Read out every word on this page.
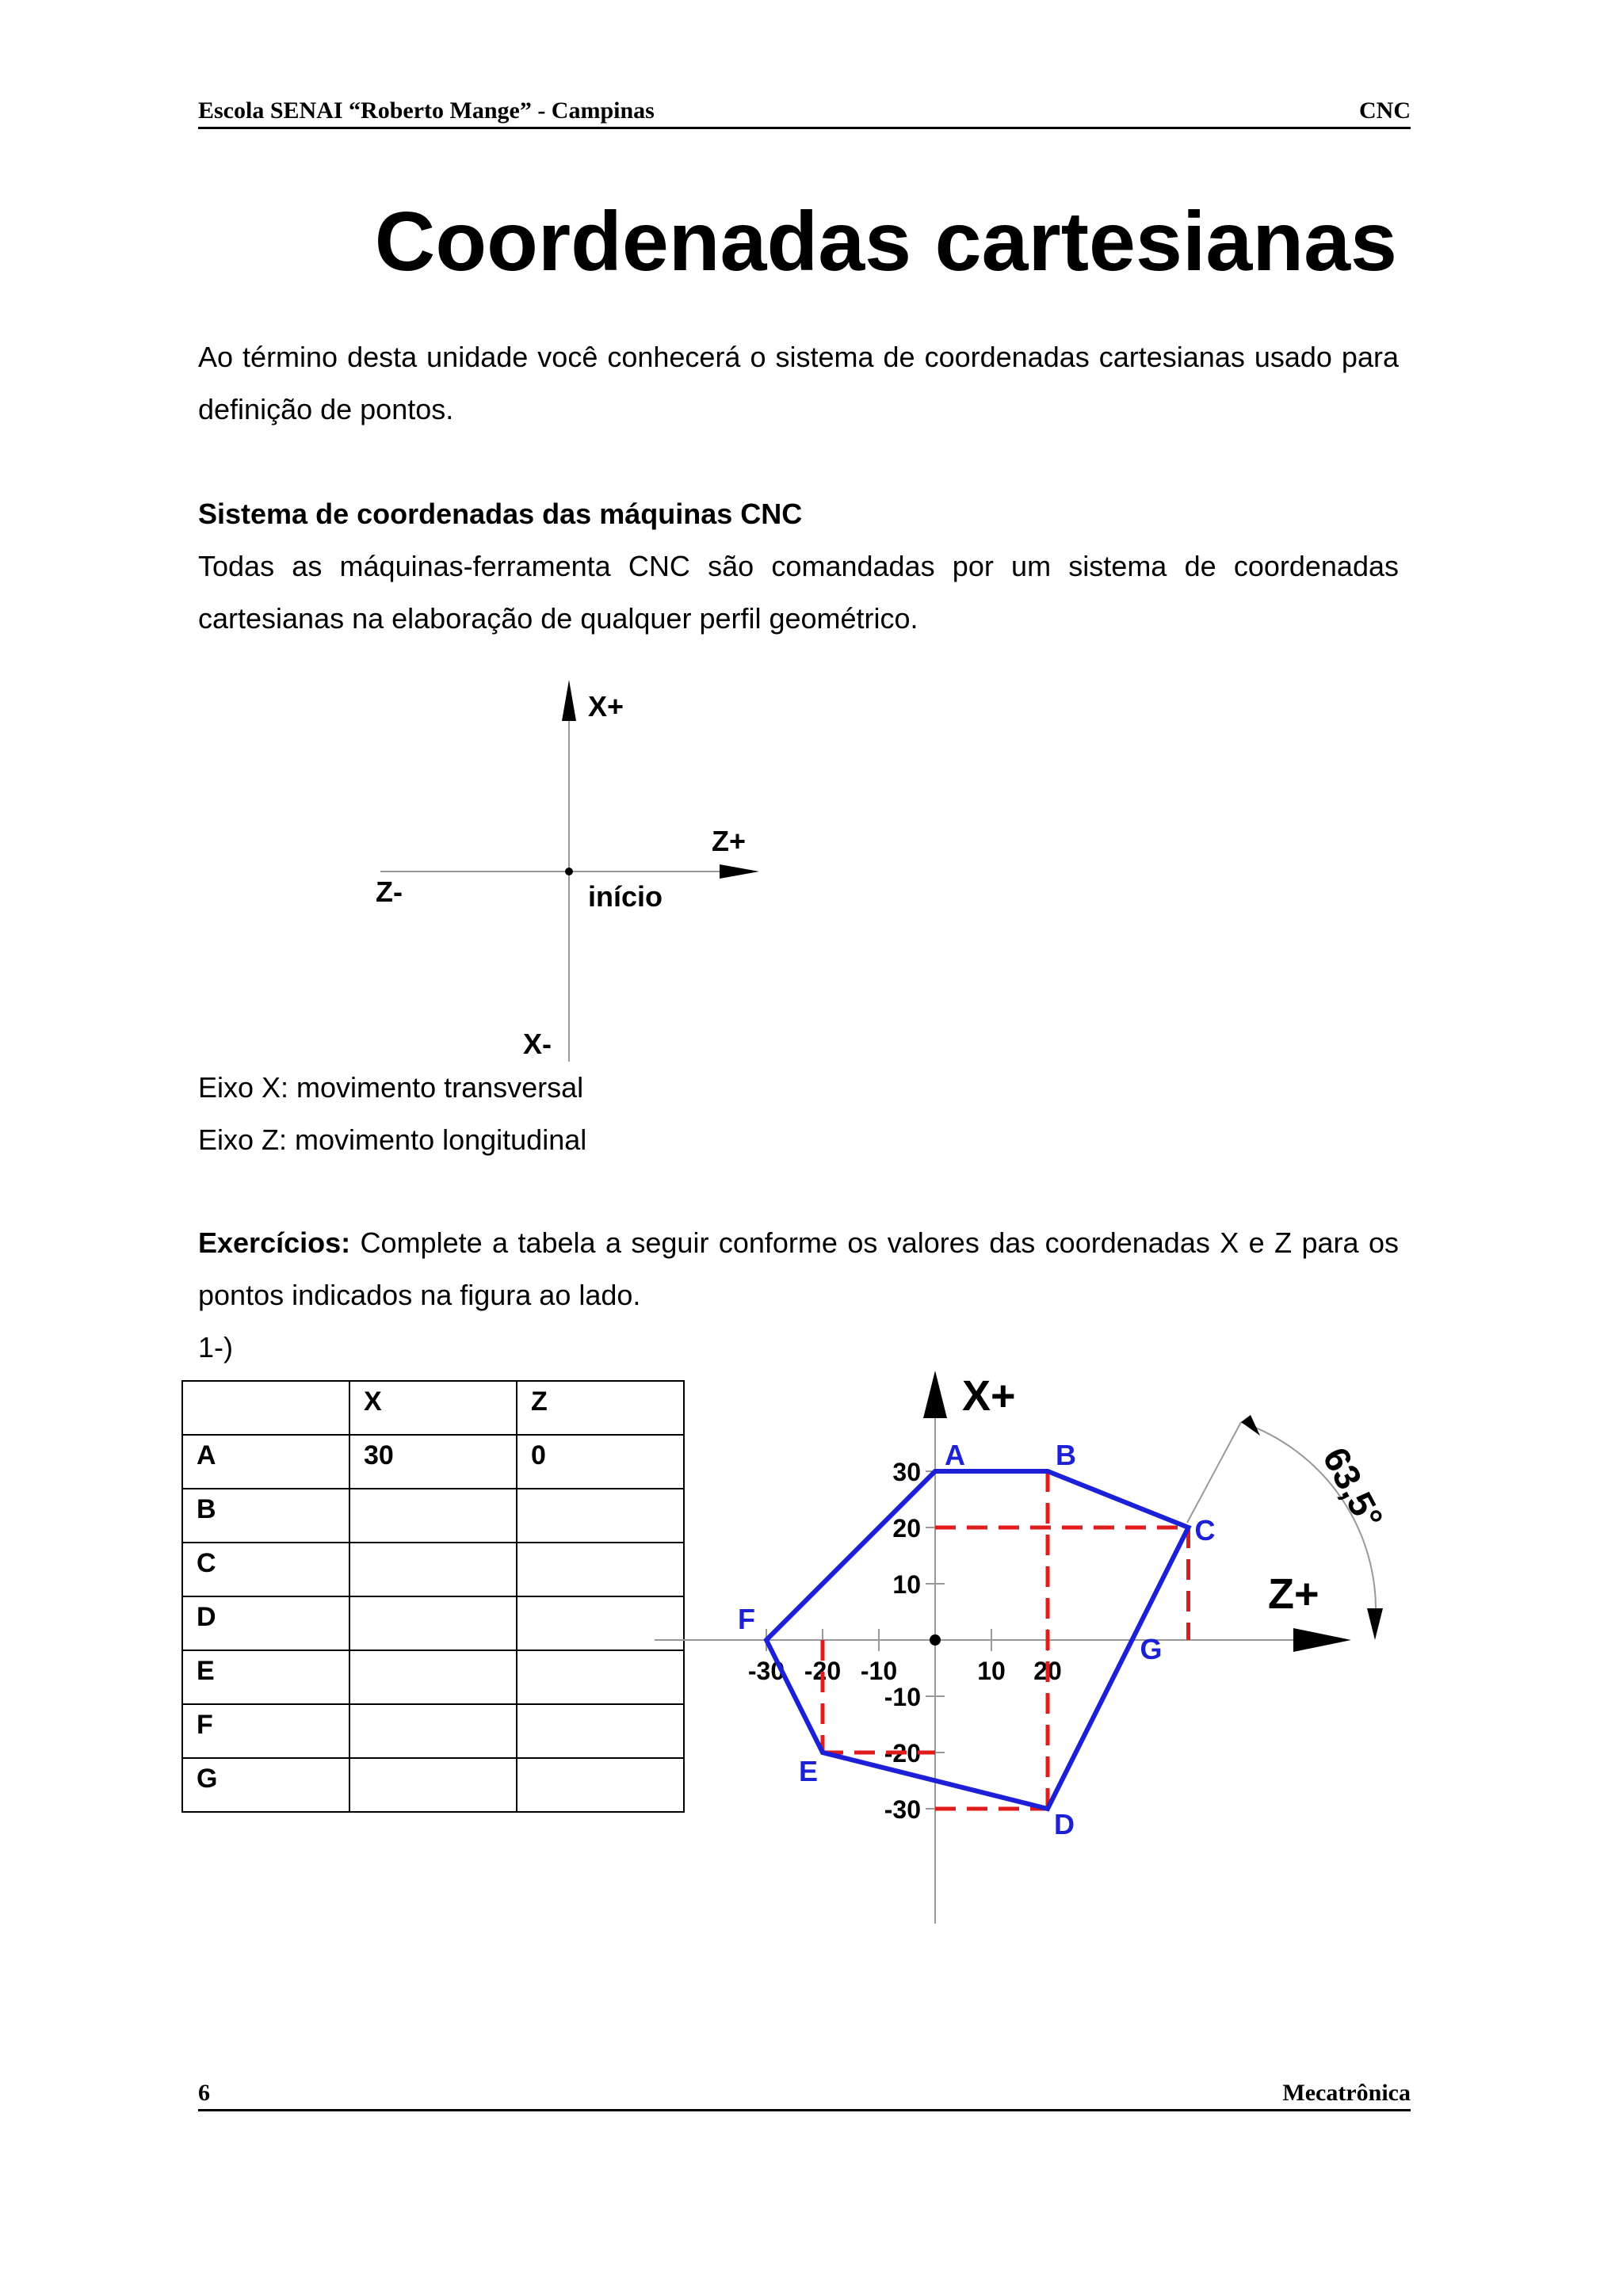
Escola SENAI “Roberto Mange” - Campinas	CNC
Coordenadas cartesianas

Ao término desta unidade você conhecerá o sistema de coordenadas cartesianas usado para definição de pontos.

Sistema de coordenadas das máquinas CNC

Todas as máquinas-ferramenta CNC são comandadas por um sistema de coordenadas cartesianas na elaboração de qualquer perfil geométrico.

X+
Z+
Z-	início
X-

Eixo X: movimento transversal

Eixo Z: movimento longitudinal

Exercícios: Complete a tabela a seguir conforme os valores das coordenadas X e Z para os pontos indicados na figura ao lado.

1-)

	X	Z
A	30	0
B		
C		
D		
E		
F		
G		
X+
Z+
30
20
10
-10
-20
-30
-30 -20 -10	10 20
A	B
C
G
D
E
F
63,5°
6	Mecatrônica
